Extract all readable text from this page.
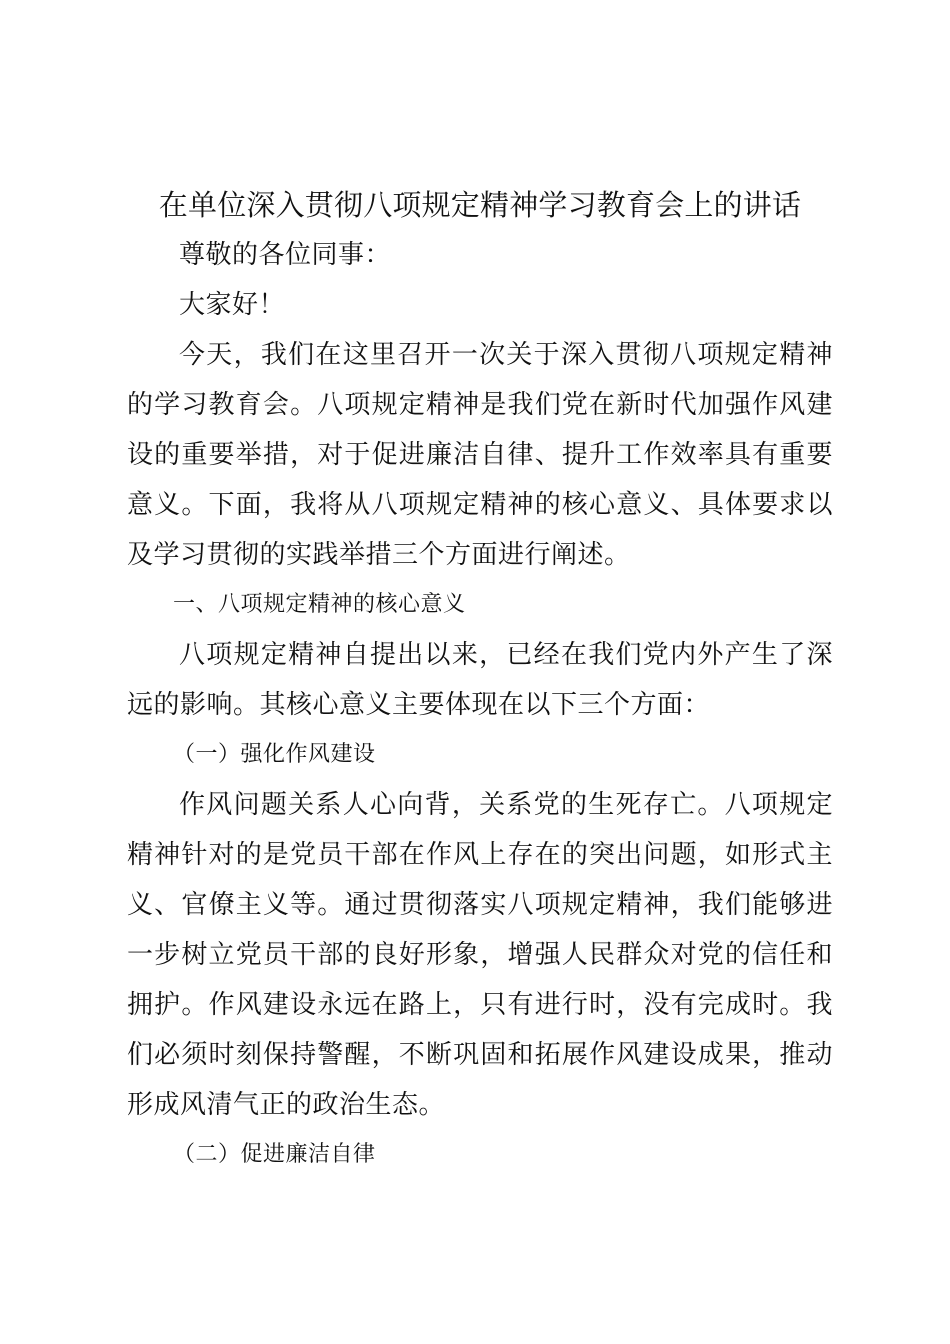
在单位深入贯彻八项规定精神学习教育会上的讲话

尊敬的各位同事：

大家好！

今天，我们在这里召开一次关于深入贯彻八项规定精神的学习教育会。八项规定精神是我们党在新时代加强作风建设的重要举措，对于促进廉洁自律、提升工作效率具有重要意义。下面，我将从八项规定精神的核心意义、具体要求以及学习贯彻的实践举措三个方面进行阐述。

一、八项规定精神的核心意义

八项规定精神自提出以来，已经在我们党内外产生了深远的影响。其核心意义主要体现在以下三个方面：

（一）强化作风建设

作风问题关系人心向背，关系党的生死存亡。八项规定精神针对的是党员干部在作风上存在的突出问题，如形式主义、官僚主义等。通过贯彻落实八项规定精神，我们能够进一步树立党员干部的良好形象，增强人民群众对党的信任和拥护。作风建设永远在路上，只有进行时，没有完成时。我们必须时刻保持警醒，不断巩固和拓展作风建设成果，推动形成风清气正的政治生态。

（二）促进廉洁自律
